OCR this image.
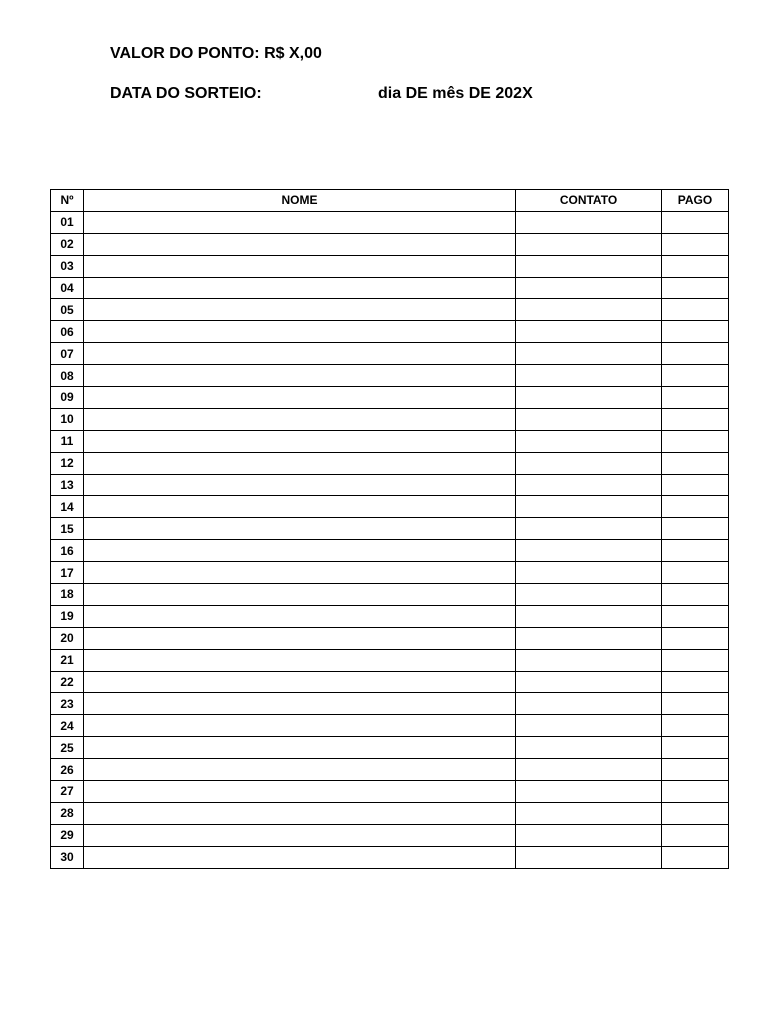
VALOR DO PONTO: R$ X,00
DATA DO SORTEIO:	dia DE mês DE 202X
Nº	NOME	CONTATO	PAGO
01			
02			
03			
04			
05			
06			
07			
08			
09			
10			
11			
12			
13			
14			
15			
16			
17			
18			
19			
20			
21			
22			
23			
24			
25			
26			
27			
28			
29			
30			
